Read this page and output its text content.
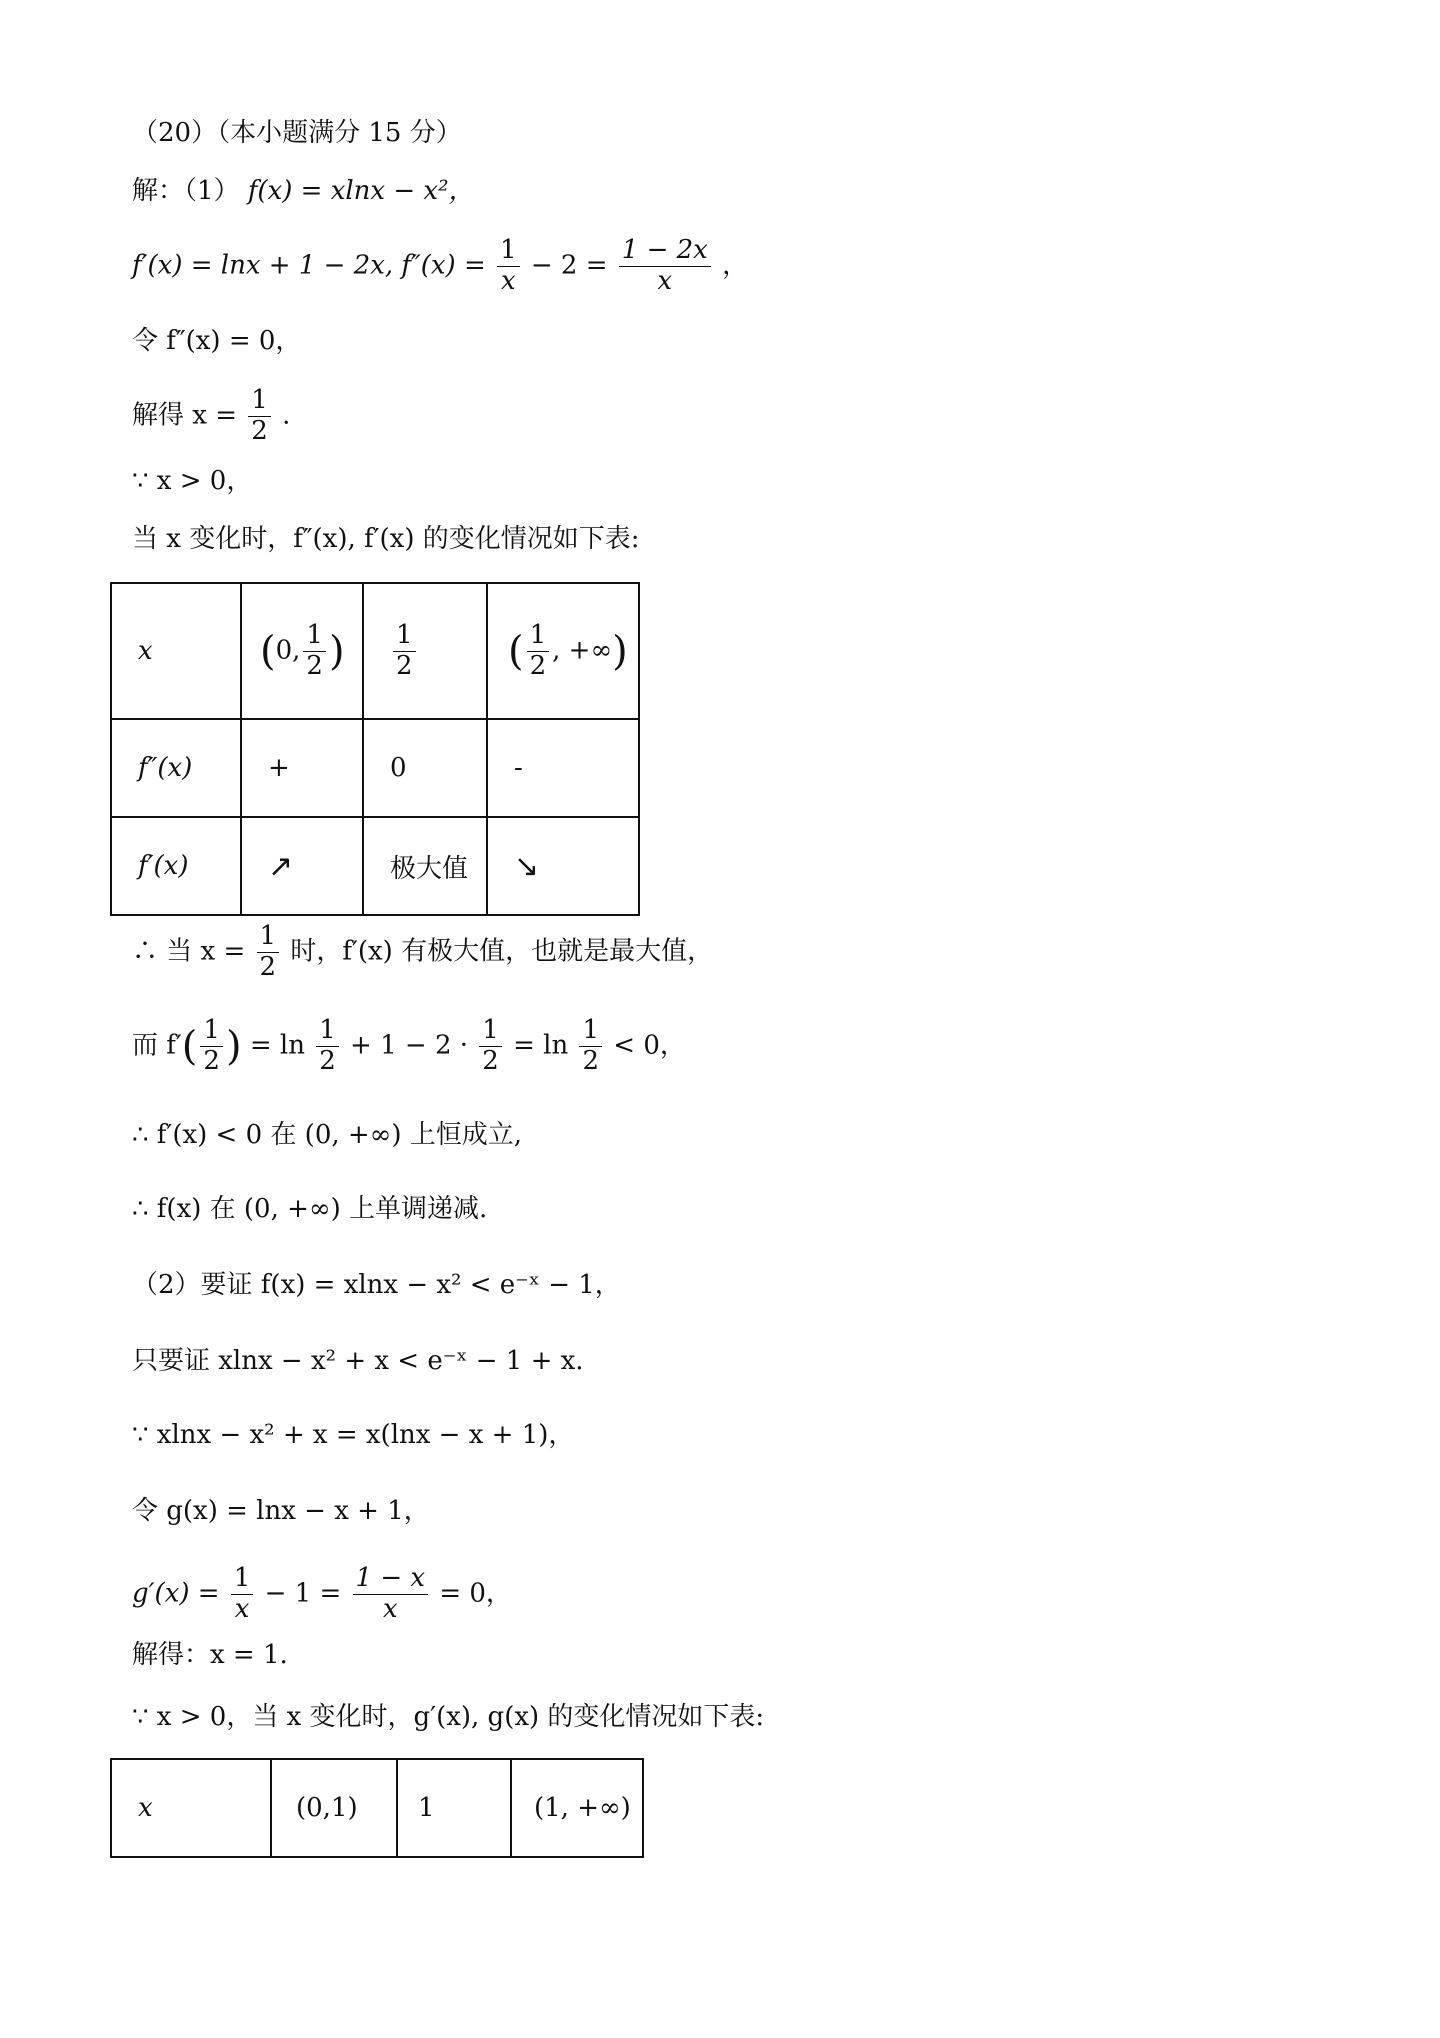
（20）（本小题满分 15 分）
解：（1） f(x) = xlnx − x²，
f′(x) = lnx + 1 − 2x, $f''(x) = \frac{1}{x} - 2 = \frac{1 - 2x}{x}$ ，
令 f″(x) = 0，
解得 $x = \frac{1}{2}$ .
∵ x > 0，
当 x 变化时，f″(x), f′(x) 的变化情况如下表:
x	(0, $\frac{1}{2}$ )	$\frac{1}{2}$	( $\frac{1}{2}$ , +∞)
f″(x)	+	0	-
f′(x)	↗	极大值	↘
∴ 当 $x = \frac{1}{2}$ 时，f′(x) 有极大值，也就是最大值，
而 $f'( \frac{1}{2}$ ) = $\ln \frac{1}{2} + 1 - 2 \cdot \frac{1}{2} = \ln \frac{1}{2} < 0$，
∴ f′(x) < 0 在 (0, +∞) 上恒成立,
∴ f(x) 在 (0, +∞) 上单调递减.
（2）要证 f(x) = xlnx − x² < e⁻ˣ − 1，
只要证 xlnx − x² + x < e⁻ˣ − 1 + x.
∵ xlnx − x² + x = x(lnx − x + 1)，
令 g(x) = lnx − x + 1，
$g'(x) = \frac{1}{x} - 1 = \frac{1 - x}{x} = 0$，
解得：x = 1.
∵ x > 0，当 x 变化时，g′(x), g(x) 的变化情况如下表:
x	(0,1)	1	(1, +∞)
